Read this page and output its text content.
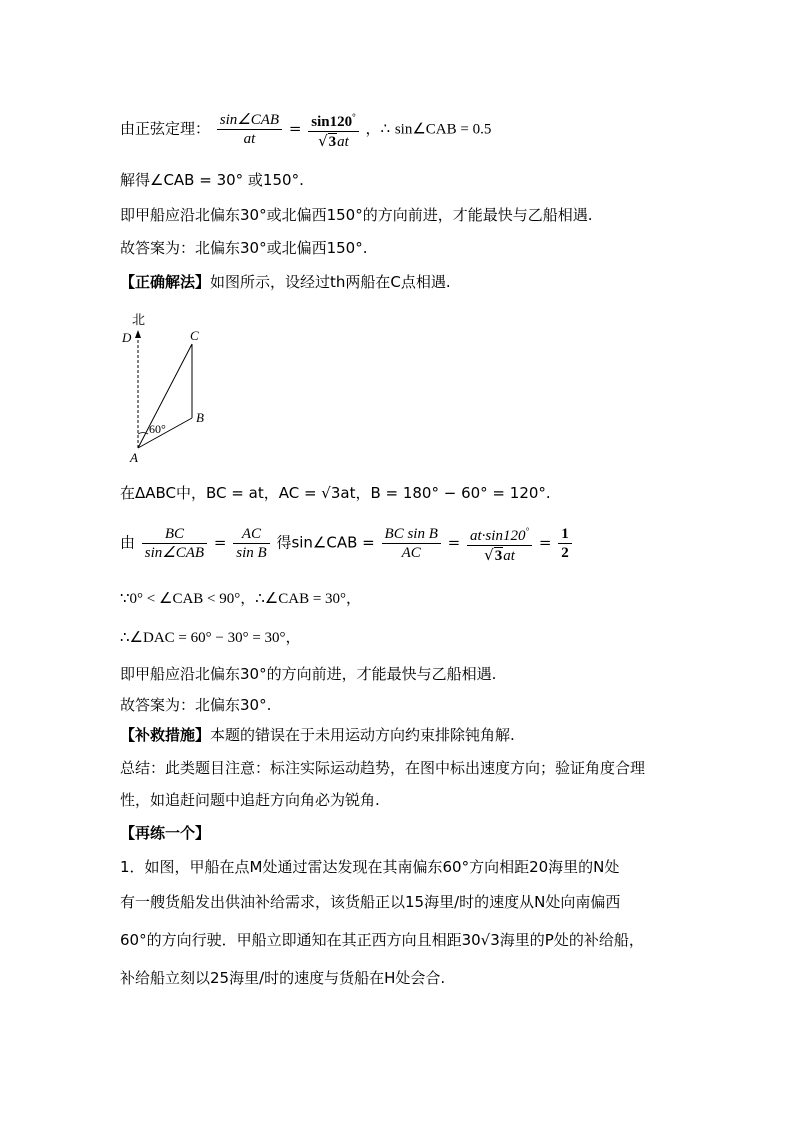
由正弦定理： $\frac{\text{sin∠CAB}}{at} = \frac{\sin 120^\circ}{√3at}$ ，∴ sin∠CAB = 0.5
解得∠CAB = 30° 或150°.
即甲船应沿北偏东30°或北偏西150°的方向前进，才能最快与乙船相遇.
故答案为：北偏东30°或北偏西150°.
【正确解法】如图所示，设经过th两船在C点相遇.
北
D	C
B
A
60°
在ΔABC中，BC = at，AC = √3at，B = 180° − 60° = 120°.
由 $\frac{BC}{\text{sin∠CAB}} = \frac{AC}{\text{sin B}}$ 得sin∠CAB = $\frac{\text{BC sin B}}{AC} = \frac{at\cdot\sin 120^\circ}{√3at} = \frac{1}{2}$
∵0° < ∠CAB < 90°，∴∠CAB = 30°，
∴∠DAC = 60° − 30° = 30°，
即甲船应沿北偏东30°的方向前进，才能最快与乙船相遇.
故答案为：北偏东30°.
【补救措施】本题的错误在于未用运动方向约束排除钝角解.
总结：此类题目注意：标注实际运动趋势，在图中标出速度方向；验证角度合理
性，如追赶问题中追赶方向角必为锐角.
【再练一个】
1．如图，甲船在点M处通过雷达发现在其南偏东60°方向相距20海里的N处
有一艘货船发出供油补给需求，该货船正以15海里/时的速度从N处向南偏西
60°的方向行驶．甲船立即通知在其正西方向且相距30√3海里的P处的补给船，
补给船立刻以25海里/时的速度与货船在H处会合.
